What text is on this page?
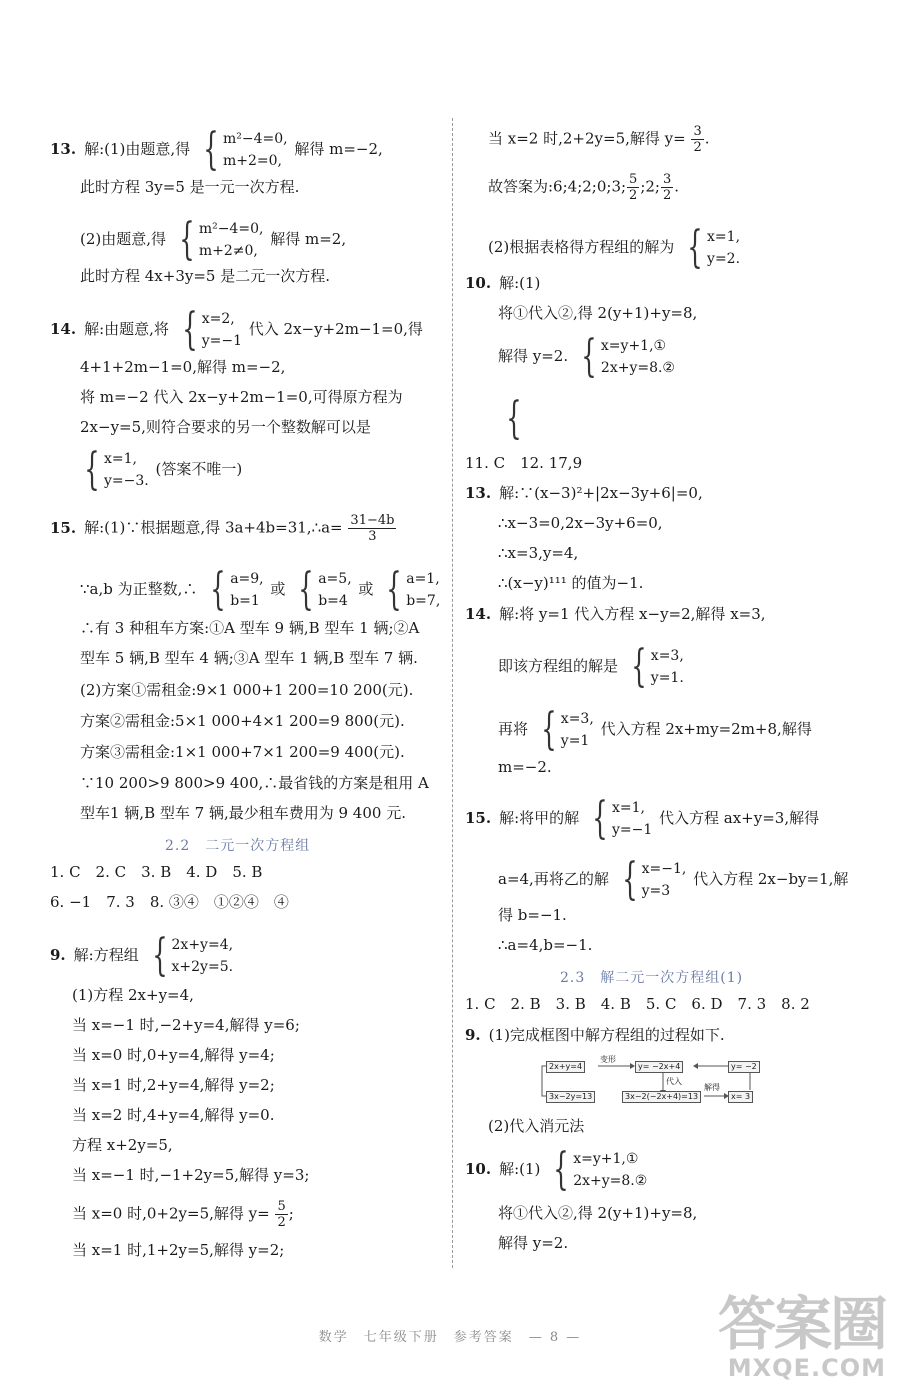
13. 解:(1)由题意,得 { m²−4=0,
m+2=0,
解得 m=−2,
此时方程 3y=5 是一元一次方程.
(2)由题意,得 { m²−4=0,
m+2≠0,
解得 m=2,
此时方程 4x+3y=5 是二元一次方程.
14. 解:由题意,将 { x=2,
y=−1
代入 2x−y+2m−1=0,得
4+1+2m−1=0,解得 m=−2,
将 m=−2 代入 2x−y+2m−1=0,可得原方程为
2x−y=5,则符合要求的另一个整数解可以是
{ x=1,
y=−3.
(答案不唯一)
15. 解:(1)∵根据题意,得 3a+4b=31,∴a= $\frac{31-4b}{3}$
∵a,b 为正整数,∴ { a=9,
b=1
或 { a=5,
b=4
或 { a=1,
b=7,
∴有 3 种租车方案:①A 型车 9 辆,B 型车 1 辆;②A
型车 5 辆,B 型车 4 辆;③A 型车 1 辆,B 型车 7 辆.
(2)方案①需租金:9×1 000+1 200=10 200(元).
方案②需租金:5×1 000+4×1 200=9 800(元).
方案③需租金:1×1 000+7×1 200=9 400(元).
∵10 200>9 800>9 400,∴最省钱的方案是租用 A
型车1 辆,B 型车 7 辆,最少租车费用为 9 400 元.
2.2　二元一次方程组
1. C　2. C　3. B　4. D　5. B
6. −1　7. 3　8. ③④　①②④　④
9. 解:方程组 { 2x+y=4,
x+2y=5.
(1)方程 2x+y=4,
当 x=−1 时,−2+y=4,解得 y=6;
当 x=0 时,0+y=4,解得 y=4;
当 x=1 时,2+y=4,解得 y=2;
当 x=2 时,4+y=4,解得 y=0.
方程 x+2y=5,
当 x=−1 时,−1+2y=5,解得 y=3;
当 x=0 时,0+2y=5,解得 $y= \frac{5}{2}$ ;
当 x=1 时,1+2y=5,解得 y=2;
当 x=2 时,2+2y=5,解得 $y= \frac{3}{2}$ .
故答案为:6;4;2;0;3; $\frac{5}{2}$ ;2; $\frac{3}{2}$ .
(2)根据表格得方程组的解为 { x=1,
y=2.
10. 解:(1)
将①代入②,得 2(y+1)+y=8,
解得 y=2. { x=y+1,①
2x+y=8.②
{
11. C　12. 17,9
13. 解:∵(x−3)²+|2x−3y+6|=0,
∴x−3=0,2x−3y+6=0,
∴x=3,y=4,
∴(x−y)¹¹¹ 的值为−1.
14. 解:将 y=1 代入方程 x−y=2,解得 x=3,
即该方程组的解是 { x=3,
y=1.
再将 { x=3,
y=1
代入方程 2x+my=2m+8,解得
m=−2.
15. 解:将甲的解 { x=1,
y=−1
代入方程 ax+y=3,解得
a=4,再将乙的解 { x=−1,
y=3
代入方程 2x−by=1,解
得 b=−1.
∴a=4,b=−1.
2.3　解二元一次方程组(1)
1. C　2. B　3. B　4. B　5. C　6. D　7. 3　8. 2
9. (1)完成框图中解方程组的过程如下.
2x+y=4
3x−2y=13
变形
y= −2x+4
代入
3x−2(−2x+4)=13
解得
y= −2
x= 3
(2)代入消元法
10. 解:(1) { x=y+1,①
2x+y=8.②
将①代入②,得 2(y+1)+y=8,
解得 y=2.
数学　七年级下册　参考答案　— 8 —	答案圈
MXQE.COM
